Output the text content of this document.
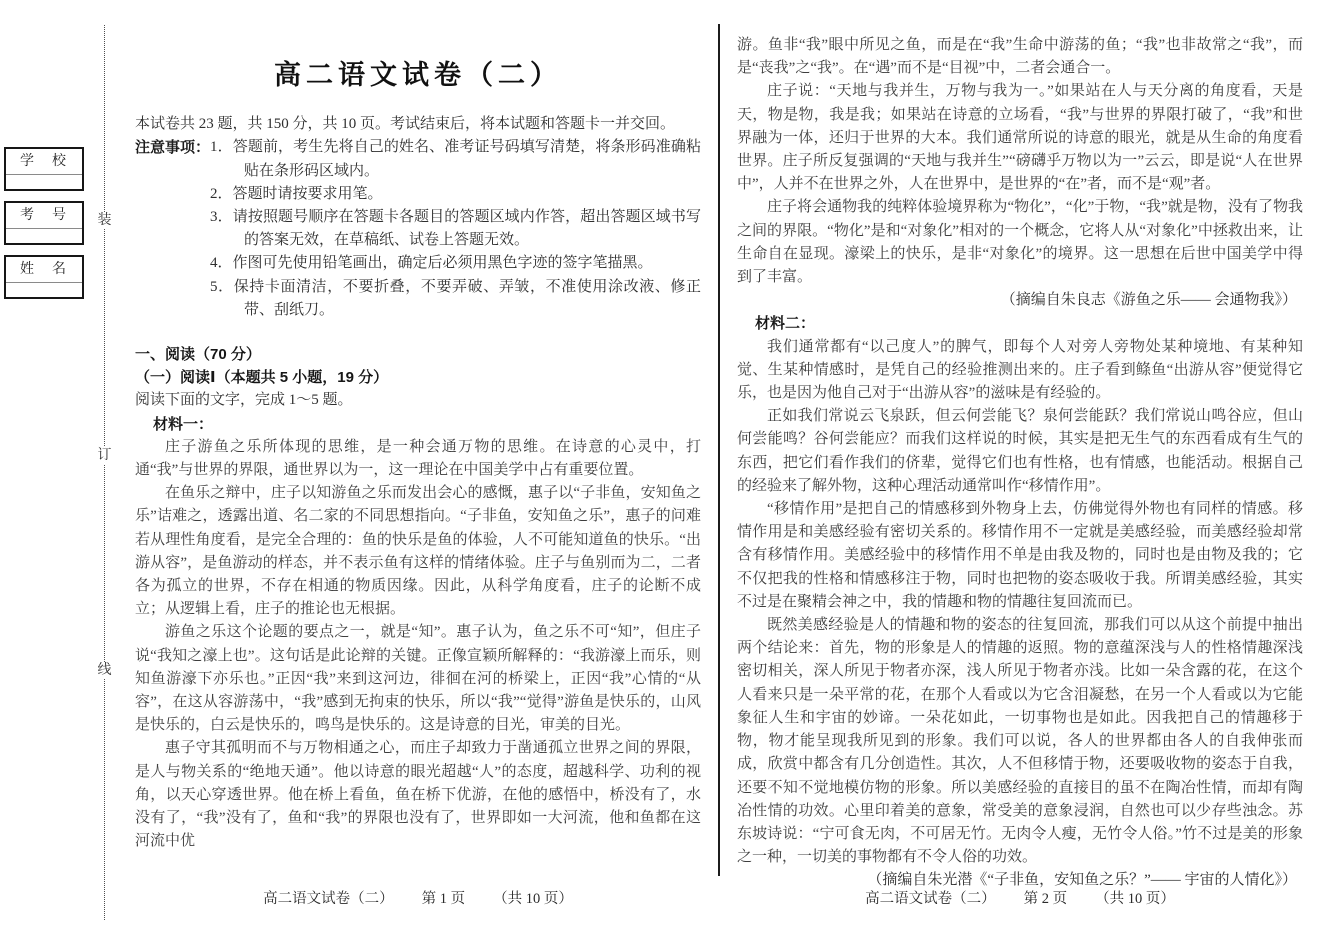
学　校
考　号
姓　名
装
订
线
高二语文试卷（二）

本试卷共 23 题，共 150 分，共 10 页。考试结束后，将本试题和答题卡一并交回。

注意事项： 1．答题前，考生先将自己的姓名、准考证号码填写清楚，将条形码准确粘贴在条形码区域内。

2．答题时请按要求用笔。

3．请按照题号顺序在答题卡各题目的答题区域内作答，超出答题区域书写的答案无效，在草稿纸、试卷上答题无效。

4．作图可先使用铅笔画出，确定后必须用黑色字迹的签字笔描黑。

5．保持卡面清洁，不要折叠，不要弄破、弄皱，不准使用涂改液、修正带、刮纸刀。

一、阅读（70 分）
（一）阅读Ⅰ（本题共 5 小题，19 分）

阅读下面的文字，完成 1～5 题。

材料一：

庄子游鱼之乐所体现的思维，是一种会通万物的思维。在诗意的心灵中，打通“我”与世界的界限，通世界以为一，这一理论在中国美学中占有重要位置。

在鱼乐之辩中，庄子以知游鱼之乐而发出会心的感慨，惠子以“子非鱼，安知鱼之乐”诘难之，透露出道、名二家的不同思想指向。“子非鱼，安知鱼之乐”，惠子的问难若从理性角度看，是完全合理的：鱼的快乐是鱼的体验，人不可能知道鱼的快乐。“出游从容”，是鱼游动的样态，并不表示鱼有这样的情绪体验。庄子与鱼别而为二，二者各为孤立的世界，不存在相通的物质因缘。因此，从科学角度看，庄子的论断不成立；从逻辑上看，庄子的推论也无根据。

游鱼之乐这个论题的要点之一，就是“知”。惠子认为，鱼之乐不可“知”，但庄子说“我知之濠上也”。这句话是此论辩的关键。正像宣颖所解释的：“我游濠上而乐，则知鱼游濠下亦乐也。”正因“我”来到这河边，徘徊在河的桥梁上，正因“我”心情的“从容”，在这从容游荡中，“我”感到无拘束的快乐，所以“我”“觉得”游鱼是快乐的，山风是快乐的，白云是快乐的，鸣鸟是快乐的。这是诗意的目光，审美的目光。

惠子守其孤明而不与万物相通之心，而庄子却致力于凿通孤立世界之间的界限，是人与物关系的“绝地天通”。他以诗意的眼光超越“人”的态度，超越科学、功利的视角，以天心穿透世界。他在桥上看鱼，鱼在桥下优游，在他的感悟中，桥没有了，水没有了，“我”没有了，鱼和“我”的界限也没有了，世界即如一大河流，他和鱼都在这河流中优

高二语文试卷（二） 第 1 页 （共 10 页）

游。鱼非“我”眼中所见之鱼，而是在“我”生命中游荡的鱼；“我”也非故常之“我”，而是“丧我”之“我”。在“遇”而不是“目视”中，二者会通合一。

庄子说：“天地与我并生，万物与我为一。”如果站在人与天分离的角度看，天是天，物是物，我是我；如果站在诗意的立场看，“我”与世界的界限打破了，“我”和世界融为一体，还归于世界的大本。我们通常所说的诗意的眼光，就是从生命的角度看世界。庄子所反复强调的“天地与我并生”“磅礴乎万物以为一”云云，即是说“人在世界中”，人并不在世界之外，人在世界中，是世界的“在”者，而不是“观”者。

庄子将会通物我的纯粹体验境界称为“物化”，“化”于物，“我”就是物，没有了物我之间的界限。“物化”是和“对象化”相对的一个概念，它将人从“对象化”中拯救出来，让生命自在显现。濠梁上的快乐，是非“对象化”的境界。这一思想在后世中国美学中得到了丰富。

（摘编自朱良志《游鱼之乐—— 会通物我》）

材料二：

我们通常都有“以己度人”的脾气，即每个人对旁人旁物处某种境地、有某种知觉、生某种情感时，是凭自己的经验推测出来的。庄子看到鲦鱼“出游从容”便觉得它乐，也是因为他自己对于“出游从容”的滋味是有经验的。

正如我们常说云飞泉跃，但云何尝能飞？泉何尝能跃？我们常说山鸣谷应，但山何尝能鸣？谷何尝能应？而我们这样说的时候，其实是把无生气的东西看成有生气的东西，把它们看作我们的侪辈，觉得它们也有性格，也有情感，也能活动。根据自己的经验来了解外物，这种心理活动通常叫作“移情作用”。

“移情作用”是把自己的情感移到外物身上去，仿佛觉得外物也有同样的情感。移情作用是和美感经验有密切关系的。移情作用不一定就是美感经验，而美感经验却常含有移情作用。美感经验中的移情作用不单是由我及物的，同时也是由物及我的；它不仅把我的性格和情感移注于物，同时也把物的姿态吸收于我。所谓美感经验，其实不过是在聚精会神之中，我的情趣和物的情趣往复回流而已。

既然美感经验是人的情趣和物的姿态的往复回流，那我们可以从这个前提中抽出两个结论来：首先，物的形象是人的情趣的返照。物的意蕴深浅与人的性格情趣深浅密切相关，深人所见于物者亦深，浅人所见于物者亦浅。比如一朵含露的花，在这个人看来只是一朵平常的花，在那个人看或以为它含泪凝愁，在另一个人看或以为它能象征人生和宇宙的妙谛。一朵花如此，一切事物也是如此。因我把自己的情趣移于物，物才能呈现我所见到的形象。我们可以说，各人的世界都由各人的自我伸张而成，欣赏中都含有几分创造性。其次，人不但移情于物，还要吸收物的姿态于自我，还要不知不觉地模仿物的形象。所以美感经验的直接目的虽不在陶冶性情，而却有陶冶性情的功效。心里印着美的意象，常受美的意象浸润，自然也可以少存些浊念。苏东坡诗说：“宁可食无肉，不可居无竹。无肉令人瘦，无竹令人俗。”竹不过是美的形象之一种，一切美的事物都有不令人俗的功效。

（摘编自朱光潜《“子非鱼，安知鱼之乐？”—— 宇宙的人情化》）

高二语文试卷（二） 第 2 页 （共 10 页）
